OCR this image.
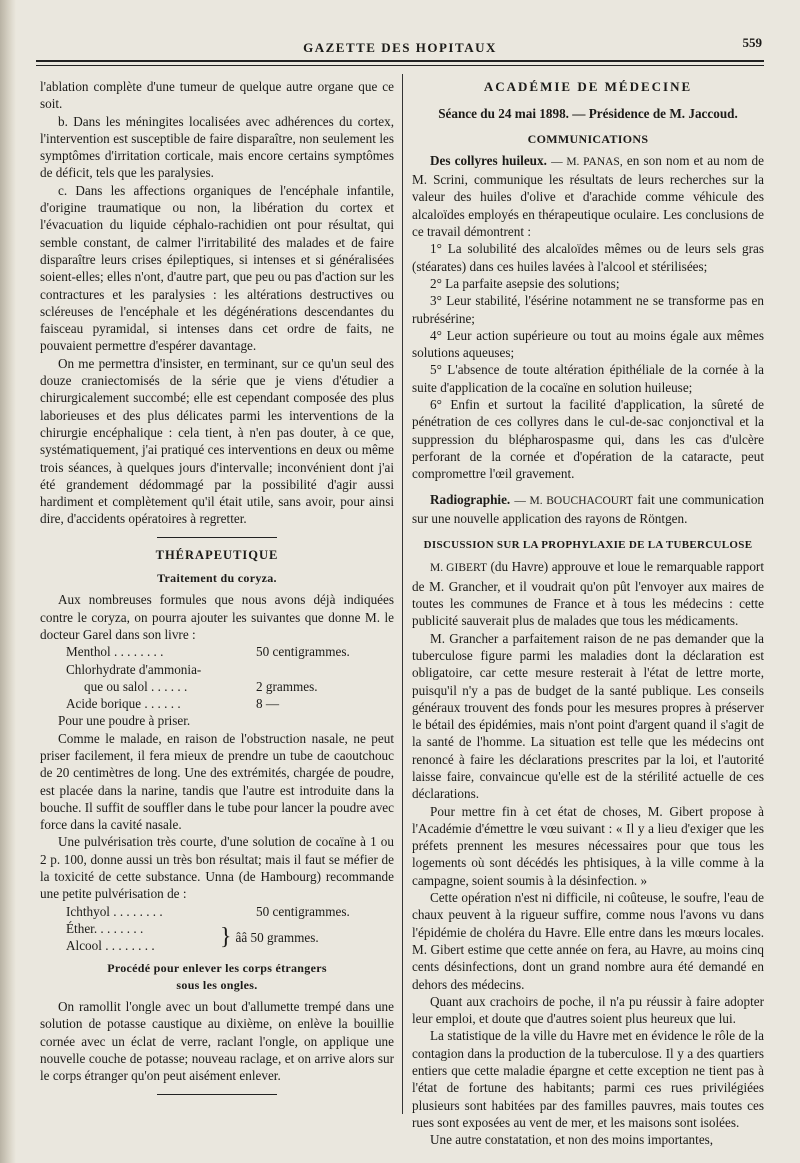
GAZETTE DES HOPITAUX	559

l'ablation complète d'une tumeur de quelque autre organe que ce soit.

b. Dans les méningites localisées avec adhérences du cortex, l'intervention est susceptible de faire disparaître, non seulement les symptômes d'irritation corticale, mais encore certains symptômes de déficit, tels que les paralysies.

c. Dans les affections organiques de l'encéphale infantile, d'origine traumatique ou non, la libération du cortex et l'évacuation du liquide céphalo-rachidien ont pour résultat, qui semble constant, de calmer l'irritabilité des malades et de faire disparaître leurs crises épileptiques, si intenses et si généralisées soient-elles; elles n'ont, d'autre part, que peu ou pas d'action sur les contractures et les paralysies : les altérations destructives ou scléreuses de l'encéphale et les dégénérations descendantes du faisceau pyramidal, si intenses dans cet ordre de faits, ne pouvaient permettre d'espérer davantage.

On me permettra d'insister, en terminant, sur ce qu'un seul des douze craniectomisés de la série que je viens d'étudier a chirurgicalement succombé; elle est cependant composée des plus laborieuses et des plus délicates parmi les interventions de la chirurgie encéphalique : cela tient, à n'en pas douter, à ce que, systématiquement, j'ai pratiqué ces interventions en deux ou même trois séances, à quelques jours d'intervalle; inconvénient dont j'ai été grandement dédommagé par la possibilité d'agir aussi hardiment et complètement qu'il était utile, sans avoir, pour ainsi dire, d'accidents opératoires à regretter.

THÉRAPEUTIQUE
Traitement du coryza.

Aux nombreuses formules que nous avons déjà indiquées contre le coryza, on pourra ajouter les suivantes que donne M. le docteur Garel dans son livre :

Menthol . . . . . . . .	50 centigrammes.
Chlorhydrate d'ammonia-
que ou salol . . . . . .	2 grammes.
Acide borique . . . . . .	8 —

Pour une poudre à priser.

Comme le malade, en raison de l'obstruction nasale, ne peut priser facilement, il fera mieux de prendre un tube de caoutchouc de 20 centimètres de long. Une des extrémités, chargée de poudre, est placée dans la narine, tandis que l'autre est introduite dans la bouche. Il suffit de souffler dans le tube pour lancer la poudre avec force dans la cavité nasale.

Une pulvérisation très courte, d'une solution de cocaïne à 1 ou 2 p. 100, donne aussi un très bon résultat; mais il faut se méfier de la toxicité de cette substance. Unna (de Hambourg) recommande une petite pulvérisation de :

Ichthyol . . . . . . . .	50 centigrammes.
Éther. . . . . . . .
Alcool . . . . . . . .	} ââ 50 grammes.
Procédé pour enlever les corps étrangers
sous les ongles.

On ramollit l'ongle avec un bout d'allumette trempé dans une solution de potasse caustique au dixième, on enlève la bouillie cornée avec un éclat de verre, raclant l'ongle, on applique une nouvelle couche de potasse; nouveau raclage, et on arrive alors sur le corps étranger qu'on peut aisément enlever.

ACADÉMIE DE MÉDECINE
Séance du 24 mai 1898. — Présidence de M. Jaccoud.
COMMUNICATIONS

Des collyres huileux. — M. PANAS, en son nom et au nom de M. Scrini, communique les résultats de leurs recherches sur la valeur des huiles d'olive et d'arachide comme véhicule des alcaloïdes employés en thérapeutique oculaire. Les conclusions de ce travail démontrent :

1° La solubilité des alcaloïdes mêmes ou de leurs sels gras (stéarates) dans ces huiles lavées à l'alcool et stérilisées;

2° La parfaite asepsie des solutions;

3° Leur stabilité, l'ésérine notamment ne se transforme pas en rubrésérine;

4° Leur action supérieure ou tout au moins égale aux mêmes solutions aqueuses;

5° L'absence de toute altération épithéliale de la cornée à la suite d'application de la cocaïne en solution huileuse;

6° Enfin et surtout la facilité d'application, la sûreté de pénétration de ces collyres dans le cul-de-sac conjonctival et la suppression du blépharospasme qui, dans les cas d'ulcère perforant de la cornée et d'opération de la cataracte, peut compromettre l'œil gravement.

Radiographie. — M. BOUCHACOURT fait une communication sur une nouvelle application des rayons de Röntgen.

DISCUSSION SUR LA PROPHYLAXIE DE LA TUBERCULOSE

M. GIBERT (du Havre) approuve et loue le remarquable rapport de M. Grancher, et il voudrait qu'on pût l'envoyer aux maires de toutes les communes de France et à tous les médecins : cette publicité sauverait plus de malades que tous les médicaments.

M. Grancher a parfaitement raison de ne pas demander que la tuberculose figure parmi les maladies dont la déclaration est obligatoire, car cette mesure resterait à l'état de lettre morte, puisqu'il n'y a pas de budget de la santé publique. Les conseils généraux trouvent des fonds pour les mesures propres à préserver le bétail des épidémies, mais n'ont point d'argent quand il s'agit de la santé de l'homme. La situation est telle que les médecins ont renoncé à faire les déclarations prescrites par la loi, et l'autorité laisse faire, convaincue qu'elle est de la stérilité actuelle de ces déclarations.

Pour mettre fin à cet état de choses, M. Gibert propose à l'Académie d'émettre le vœu suivant : « Il y a lieu d'exiger que les préfets prennent les mesures nécessaires pour que tous les logements où sont décédés les phtisiques, à la ville comme à la campagne, soient soumis à la désinfection. »

Cette opération n'est ni difficile, ni coûteuse, le soufre, l'eau de chaux peuvent à la rigueur suffire, comme nous l'avons vu dans l'épidémie de choléra du Havre. Elle entre dans les mœurs locales. M. Gibert estime que cette année on fera, au Havre, au moins cinq cents désinfections, dont un grand nombre aura été demandé en dehors des médecins.

Quant aux crachoirs de poche, il n'a pu réussir à faire adopter leur emploi, et doute que d'autres soient plus heureux que lui.

La statistique de la ville du Havre met en évidence le rôle de la contagion dans la production de la tuberculose. Il y a des quartiers entiers que cette maladie épargne et cette exception ne tient pas à l'état de fortune des habitants; parmi ces rues privilégiées plusieurs sont habitées par des familles pauvres, mais toutes ces rues sont exposées au vent de mer, et les maisons sont isolées.

Une autre constatation, et non des moins importantes,
